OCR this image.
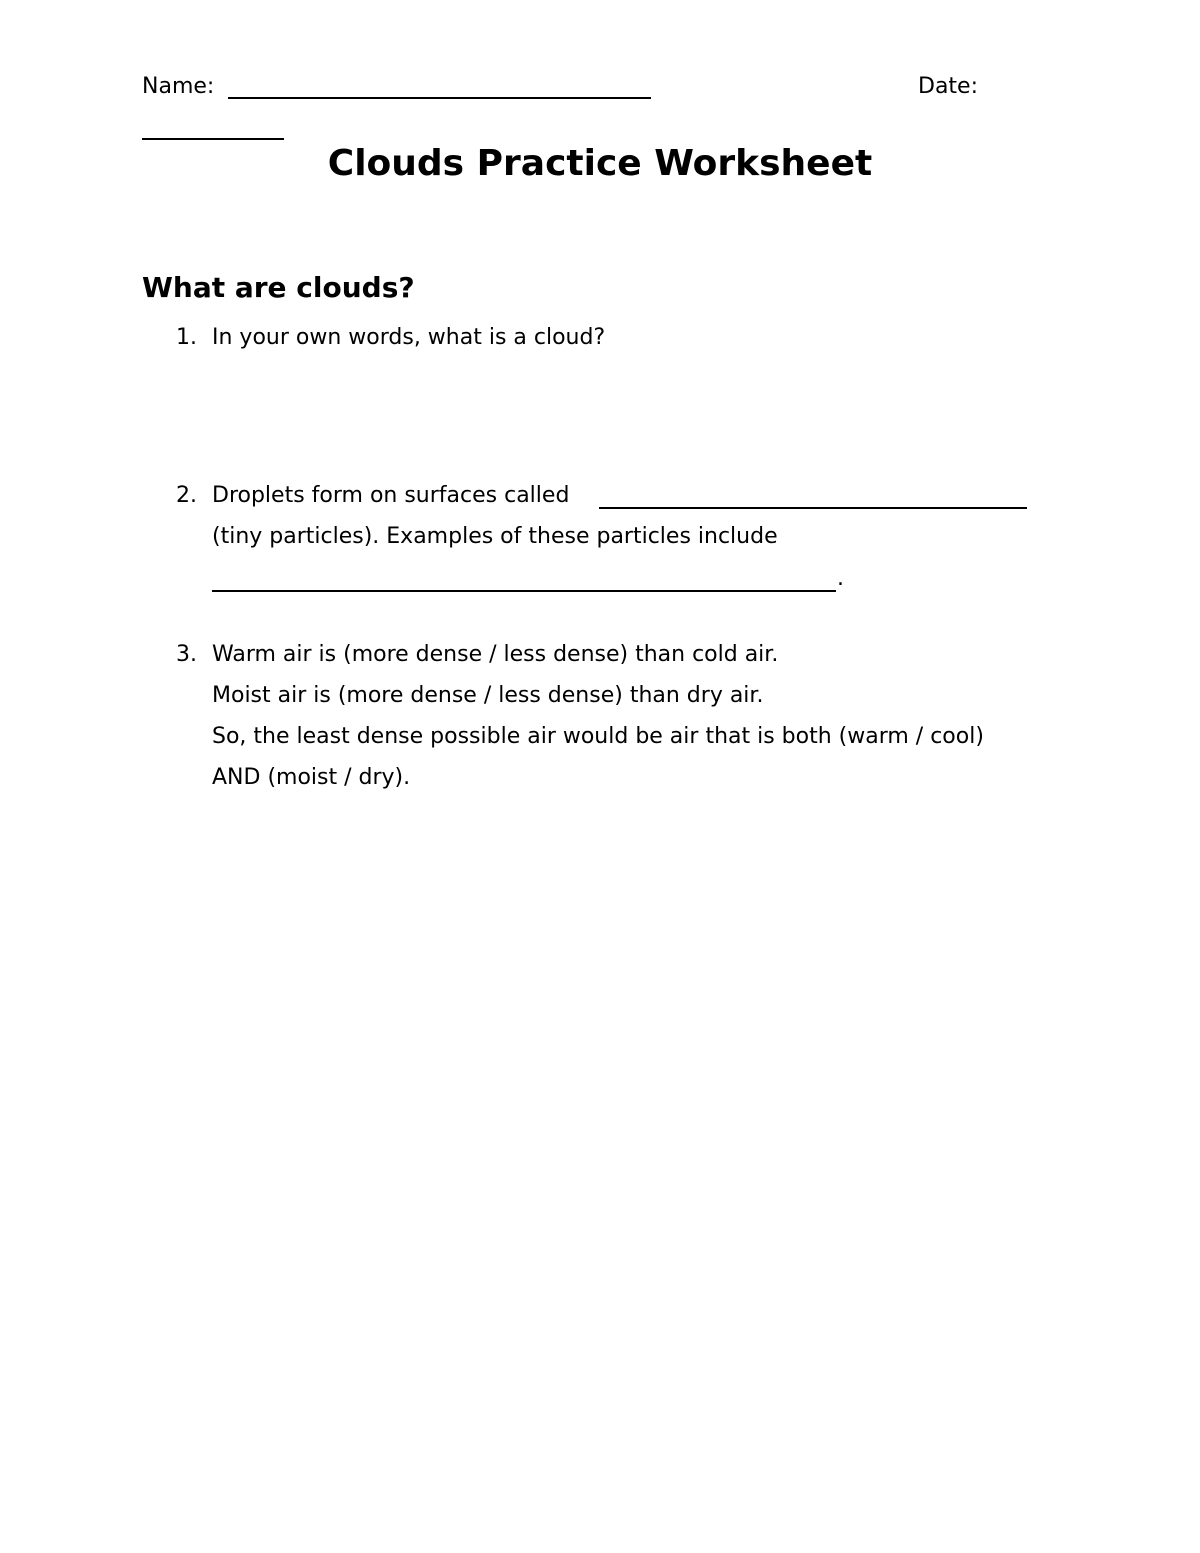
Name:	Date:
Clouds Practice Worksheet
What are clouds?
1. In your own words, what is a cloud?
2. Droplets form on surfaces called
(tiny particles). Examples of these particles include
.
3. Warm air is (more dense / less dense) than cold air.
Moist air is (more dense / less dense) than dry air.
So, the least dense possible air would be air that is both (warm / cool)
AND (moist / dry).
